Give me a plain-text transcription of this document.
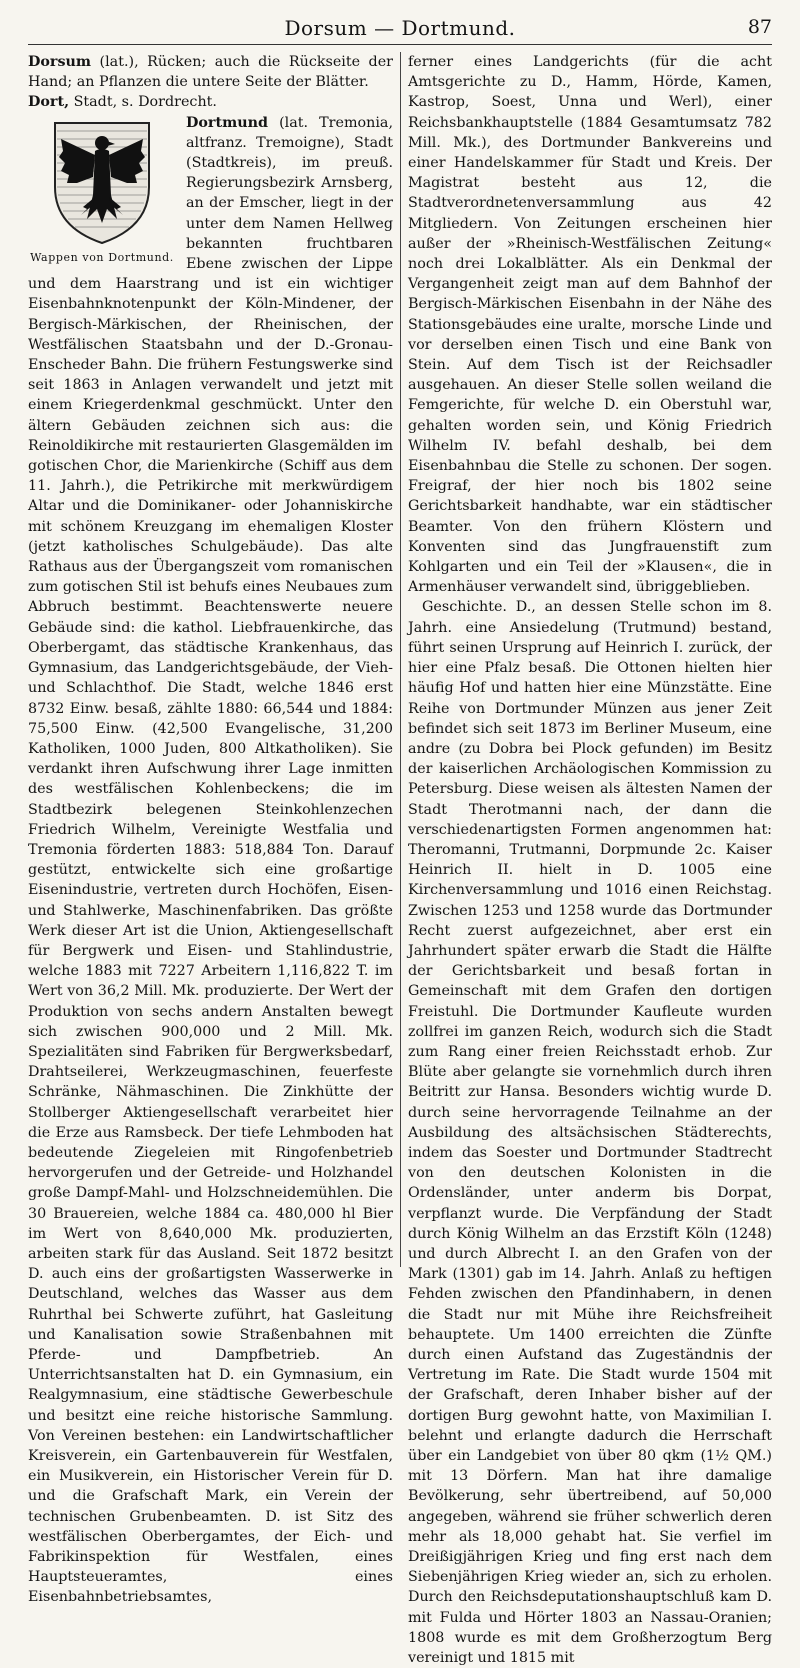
Dorsum — Dortmund.	87

Dorsum (lat.), Rücken; auch die Rückseite der Hand; an Pflanzen die untere Seite der Blätter.

Dort, Stadt, s. Dordrecht.

Wappen von Dortmund.
Dortmund (lat. Tremonia, altfranz. Tremoigne), Stadt (Stadtkreis), im preuß. Regierungsbezirk Arnsberg, an der Emscher, liegt in der unter dem Namen Hellweg bekannten fruchtbaren Ebene zwischen der Lippe und dem Haarstrang und ist ein wichtiger Eisenbahnknotenpunkt der Köln-Mindener, der Bergisch-Märkischen, der Rheinischen, der Westfälischen Staatsbahn und der D.-Gronau-Enscheder Bahn. Die frühern Festungswerke sind seit 1863 in Anlagen verwandelt und jetzt mit einem Kriegerdenkmal geschmückt. Unter den ältern Gebäuden zeichnen sich aus: die Reinoldikirche mit restaurierten Glasgemälden im gotischen Chor, die Marienkirche (Schiff aus dem 11. Jahrh.), die Petrikirche mit merkwürdigem Altar und die Dominikaner- oder Johanniskirche mit schönem Kreuzgang im ehemaligen Kloster (jetzt katholisches Schulgebäude). Das alte Rathaus aus der Übergangszeit vom romanischen zum gotischen Stil ist behufs eines Neubaues zum Abbruch bestimmt. Beachtenswerte neuere Gebäude sind: die kathol. Liebfrauenkirche, das Oberbergamt, das städtische Krankenhaus, das Gymnasium, das Landgerichtsgebäude, der Vieh- und Schlachthof. Die Stadt, welche 1846 erst 8732 Einw. besaß, zählte 1880: 66,544 und 1884: 75,500 Einw. (42,500 Evangelische, 31,200 Katholiken, 1000 Juden, 800 Altkatholiken). Sie verdankt ihren Aufschwung ihrer Lage inmitten des westfälischen Kohlenbeckens; die im Stadtbezirk belegenen Steinkohlenzechen Friedrich Wilhelm, Vereinigte Westfalia und Tremonia förderten 1883: 518,884 Ton. Darauf gestützt, entwickelte sich eine großartige Eisenindustrie, vertreten durch Hochöfen, Eisen- und Stahlwerke, Maschinenfabriken. Das größte Werk dieser Art ist die Union, Aktiengesellschaft für Bergwerk und Eisen- und Stahlindustrie, welche 1883 mit 7227 Arbeitern 1,116,822 T. im Wert von 36,2 Mill. Mk. produzierte. Der Wert der Produktion von sechs andern Anstalten bewegt sich zwischen 900,000 und 2 Mill. Mk. Spezialitäten sind Fabriken für Bergwerksbedarf, Drahtseilerei, Werkzeugmaschinen, feuerfeste Schränke, Nähmaschinen. Die Zinkhütte der Stollberger Aktiengesellschaft verarbeitet hier die Erze aus Ramsbeck. Der tiefe Lehmboden hat bedeutende Ziegeleien mit Ringofenbetrieb hervorgerufen und der Getreide- und Holzhandel große Dampf-Mahl- und Holzschneidemühlen. Die 30 Brauereien, welche 1884 ca. 480,000 hl Bier im Wert von 8,640,000 Mk. produzierten, arbeiten stark für das Ausland. Seit 1872 besitzt D. auch eins der großartigsten Wasserwerke in Deutschland, welches das Wasser aus dem Ruhrthal bei Schwerte zuführt, hat Gasleitung und Kanalisation sowie Straßenbahnen mit Pferde- und Dampfbetrieb. An Unterrichtsanstalten hat D. ein Gymnasium, ein Realgymnasium, eine städtische Gewerbeschule und besitzt eine reiche historische Sammlung. Von Vereinen bestehen: ein Landwirtschaftlicher Kreisverein, ein Gartenbauverein für Westfalen, ein Musikverein, ein Historischer Verein für D. und die Grafschaft Mark, ein Verein der technischen Grubenbeamten. D. ist Sitz des westfälischen Oberbergamtes, der Eich- und Fabrikinspektion für Westfalen, eines Hauptsteueramtes, eines Eisenbahnbetriebsamtes,

ferner eines Landgerichts (für die acht Amtsgerichte zu D., Hamm, Hörde, Kamen, Kastrop, Soest, Unna und Werl), einer Reichsbankhauptstelle (1884 Gesamtumsatz 782 Mill. Mk.), des Dortmunder Bankvereins und einer Handelskammer für Stadt und Kreis. Der Magistrat besteht aus 12, die Stadtverordnetenversammlung aus 42 Mitgliedern. Von Zeitungen erscheinen hier außer der »Rheinisch-Westfälischen Zeitung« noch drei Lokalblätter. Als ein Denkmal der Vergangenheit zeigt man auf dem Bahnhof der Bergisch-Märkischen Eisenbahn in der Nähe des Stationsgebäudes eine uralte, morsche Linde und vor derselben einen Tisch und eine Bank von Stein. Auf dem Tisch ist der Reichsadler ausgehauen. An dieser Stelle sollen weiland die Femgerichte, für welche D. ein Oberstuhl war, gehalten worden sein, und König Friedrich Wilhelm IV. befahl deshalb, bei dem Eisenbahnbau die Stelle zu schonen. Der sogen. Freigraf, der hier noch bis 1802 seine Gerichtsbarkeit handhabte, war ein städtischer Beamter. Von den frühern Klöstern und Konventen sind das Jungfrauenstift zum Kohlgarten und ein Teil der »Klausen«, die in Armenhäuser verwandelt sind, übriggeblieben.

Geschichte. D., an dessen Stelle schon im 8. Jahrh. eine Ansiedelung (Trutmund) bestand, führt seinen Ursprung auf Heinrich I. zurück, der hier eine Pfalz besaß. Die Ottonen hielten hier häufig Hof und hatten hier eine Münzstätte. Eine Reihe von Dortmunder Münzen aus jener Zeit befindet sich seit 1873 im Berliner Museum, eine andre (zu Dobra bei Plock gefunden) im Besitz der kaiserlichen Archäologischen Kommission zu Petersburg. Diese weisen als ältesten Namen der Stadt Therotmanni nach, der dann die verschiedenartigsten Formen angenommen hat: Theromanni, Trutmanni, Dorpmunde 2c. Kaiser Heinrich II. hielt in D. 1005 eine Kirchenversammlung und 1016 einen Reichstag. Zwischen 1253 und 1258 wurde das Dortmunder Recht zuerst aufgezeichnet, aber erst ein Jahrhundert später erwarb die Stadt die Hälfte der Gerichtsbarkeit und besaß fortan in Gemeinschaft mit dem Grafen den dortigen Freistuhl. Die Dortmunder Kaufleute wurden zollfrei im ganzen Reich, wodurch sich die Stadt zum Rang einer freien Reichsstadt erhob. Zur Blüte aber gelangte sie vornehmlich durch ihren Beitritt zur Hansa. Besonders wichtig wurde D. durch seine hervorragende Teilnahme an der Ausbildung des altsächsischen Städterechts, indem das Soester und Dortmunder Stadtrecht von den deutschen Kolonisten in die Ordensländer, unter anderm bis Dorpat, verpflanzt wurde. Die Verpfändung der Stadt durch König Wilhelm an das Erzstift Köln (1248) und durch Albrecht I. an den Grafen von der Mark (1301) gab im 14. Jahrh. Anlaß zu heftigen Fehden zwischen den Pfandinhabern, in denen die Stadt nur mit Mühe ihre Reichsfreiheit behauptete. Um 1400 erreichten die Zünfte durch einen Aufstand das Zugeständnis der Vertretung im Rate. Die Stadt wurde 1504 mit der Grafschaft, deren Inhaber bisher auf der dortigen Burg gewohnt hatte, von Maximilian I. belehnt und erlangte dadurch die Herrschaft über ein Landgebiet von über 80 qkm (1½ QM.) mit 13 Dörfern. Man hat ihre damalige Bevölkerung, sehr übertreibend, auf 50,000 angegeben, während sie früher schwerlich deren mehr als 18,000 gehabt hat. Sie verfiel im Dreißigjährigen Krieg und fing erst nach dem Siebenjährigen Krieg wieder an, sich zu erholen. Durch den Reichsdeputationshauptschluß kam D. mit Fulda und Hörter 1803 an Nassau-Oranien; 1808 wurde es mit dem Großherzogtum Berg vereinigt und 1815 mit
